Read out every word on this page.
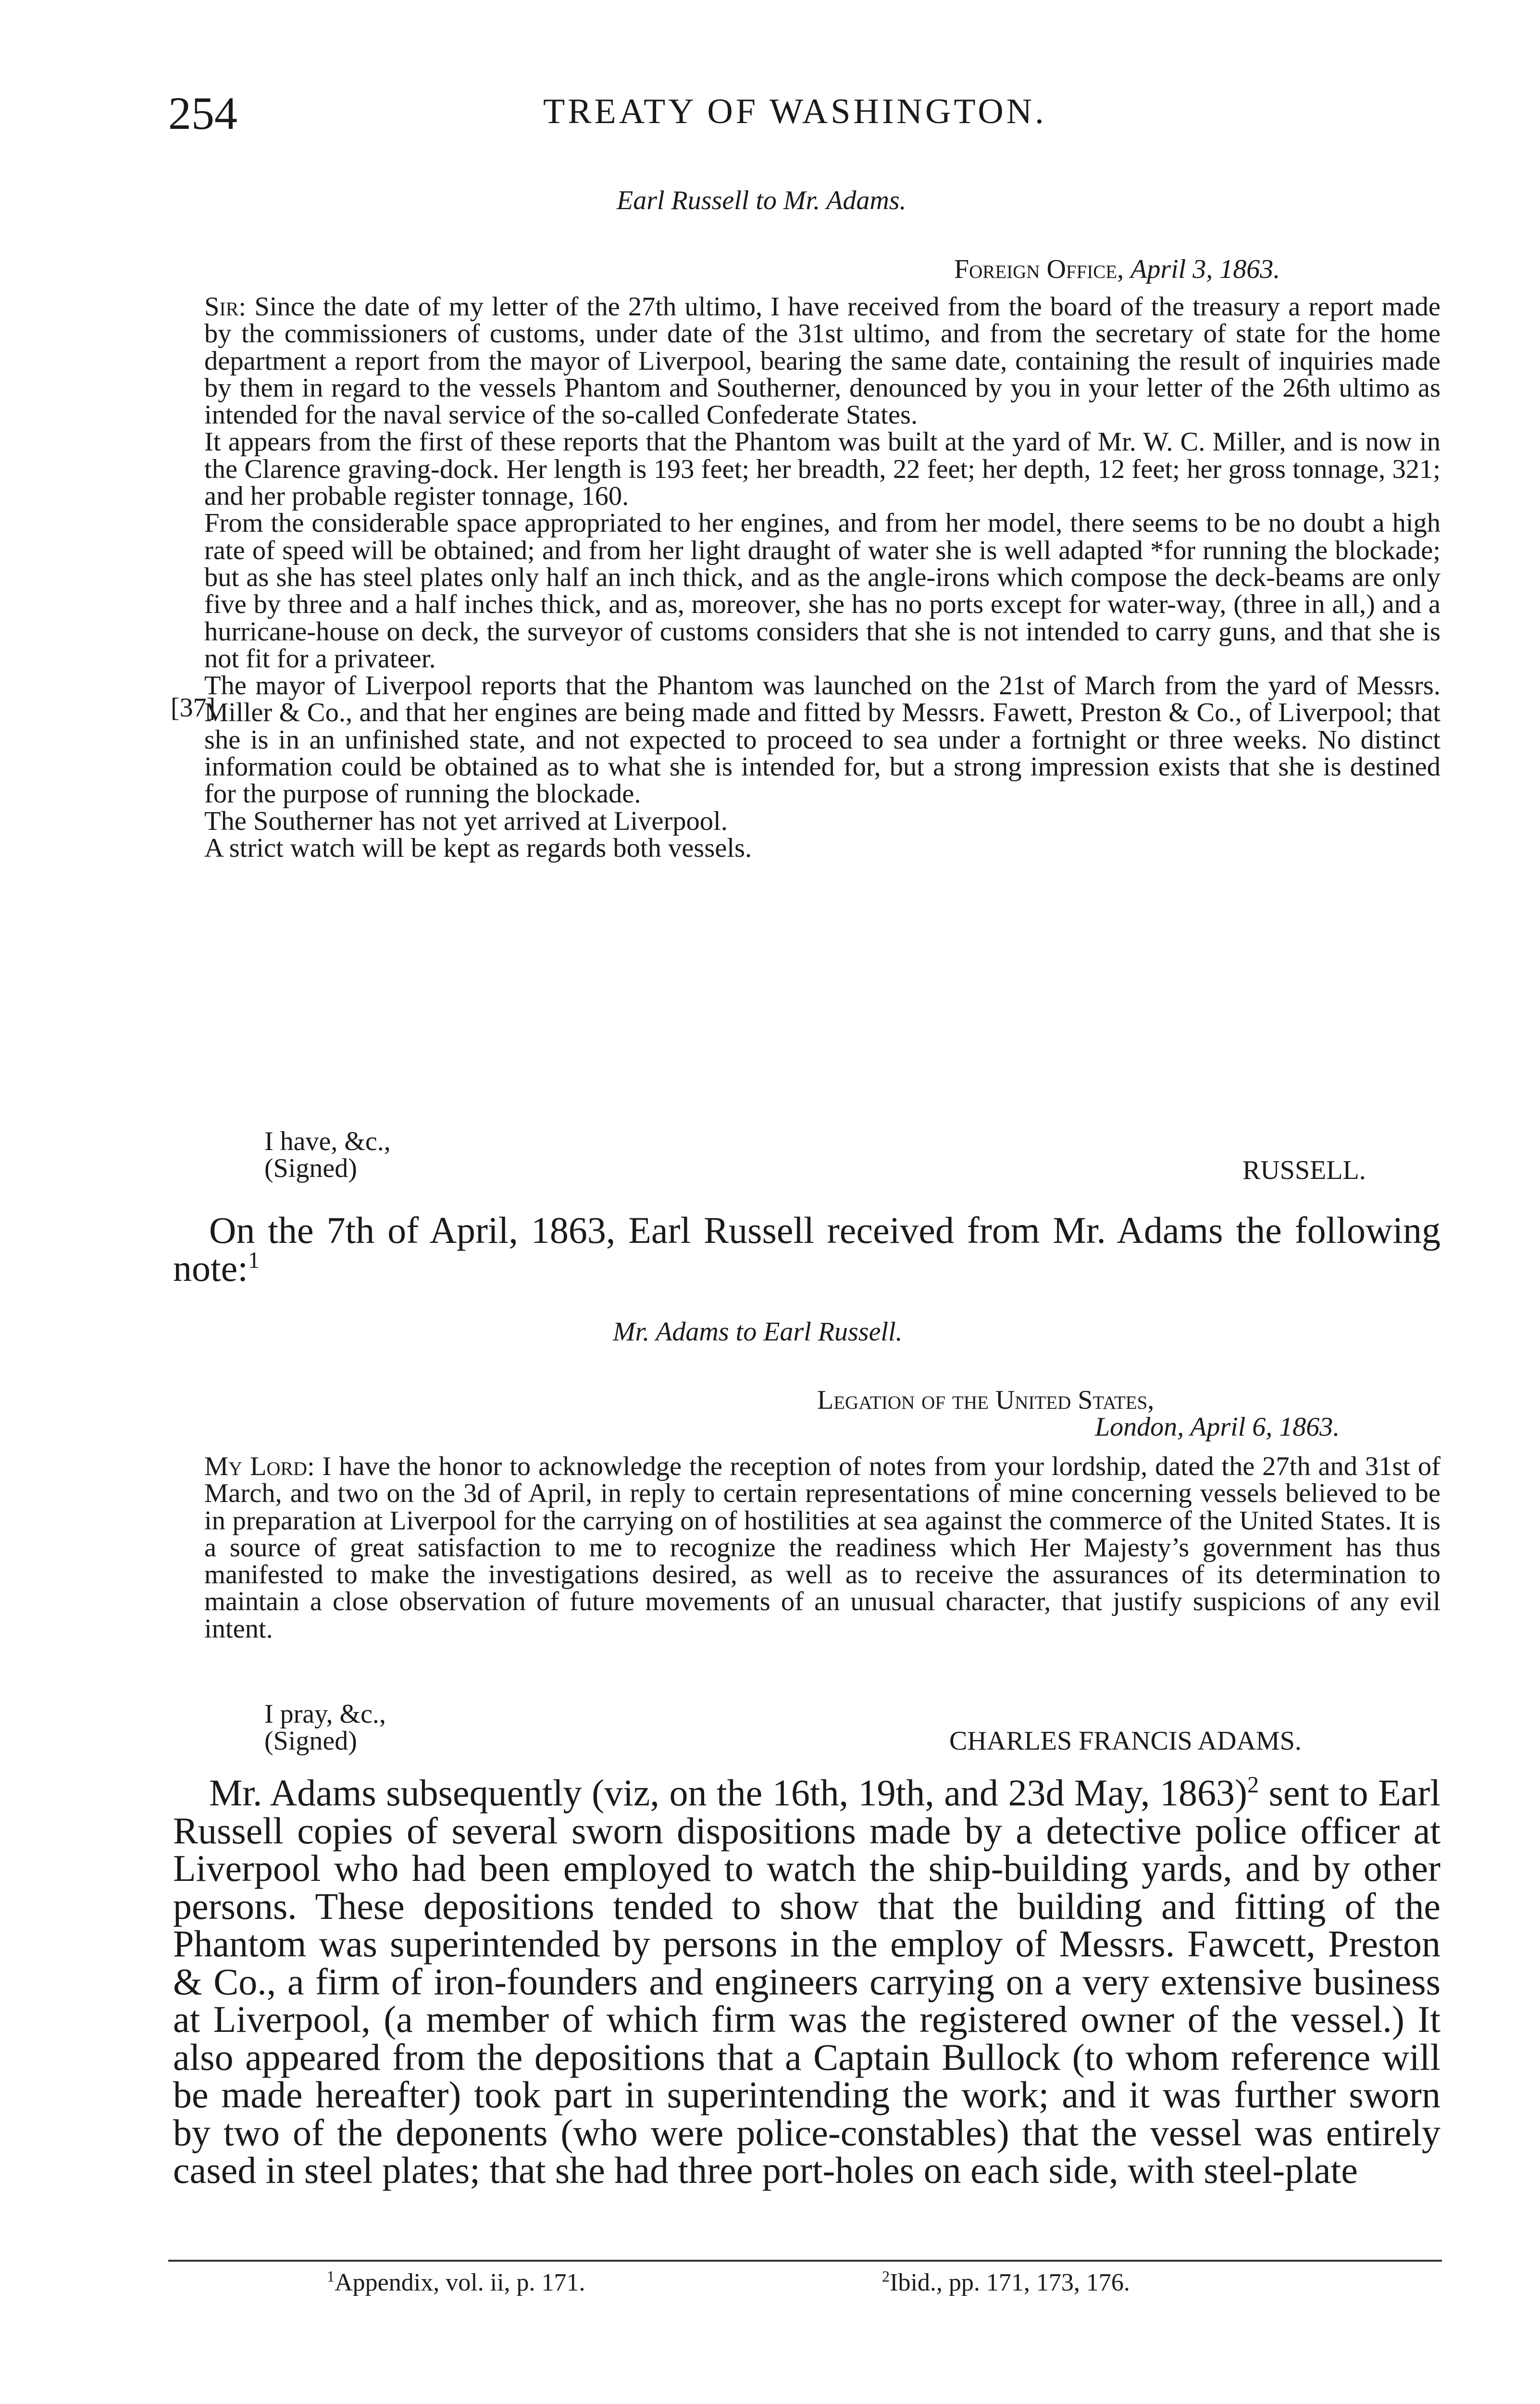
254	TREATY OF WASHINGTON.
Earl Russell to Mr. Adams.
Foreign Office, April 3, 1863.

Sir: Since the date of my letter of the 27th ultimo, I have received from the board of the treasury a report made by the commissioners of customs, under date of the 31st ultimo, and from the secretary of state for the home department a report from the mayor of Liverpool, bearing the same date, containing the result of inquiries made by them in regard to the vessels Phantom and Southerner, denounced by you in your letter of the 26th ultimo as intended for the naval service of the so-called Confederate States.

It appears from the first of these reports that the Phantom was built at the yard of Mr. W. C. Miller, and is now in the Clarence graving-dock. Her length is 193 feet; her breadth, 22 feet; her depth, 12 feet; her gross tonnage, 321; and her probable register tonnage, 160.

From the considerable space appropriated to her engines, and from her model, there seems to be no doubt a high rate of speed will be obtained; and from her light draught of water she is well adapted *for running the blockade; but as she has steel plates only half an inch thick, and as the angle-irons which compose the deck-beams are only five by three and a half inches thick, and as, moreover, she has no ports except for water-way, (three in all,) and a hurricane-house on deck, the surveyor of customs considers that she is not intended to carry guns, and that she is not fit for a privateer.

The mayor of Liverpool reports that the Phantom was launched on the 21st of March from the yard of Messrs. Miller & Co., and that her engines are being made and fitted by Messrs. Fawett, Preston & Co., of Liverpool; that she is in an unfinished state, and not expected to proceed to sea under a fortnight or three weeks. No distinct information could be obtained as to what she is intended for, but a strong impression exists that she is destined for the purpose of running the blockade.

The Southerner has not yet arrived at Liverpool.

A strict watch will be kept as regards both vessels.

[37]
I have, &c.,
(Signed)	RUSSELL.
On the 7th of April, 1863, Earl Russell received from Mr. Adams the following note:$^1$
Mr. Adams to Earl Russell.
Legation of the United States,
London, April 6, 1863.

My Lord: I have the honor to acknowledge the reception of notes from your lordship, dated the 27th and 31st of March, and two on the 3d of April, in reply to certain representations of mine concerning vessels believed to be in preparation at Liverpool for the carrying on of hostilities at sea against the commerce of the United States. It is a source of great satisfaction to me to recognize the readiness which Her Majesty’s government has thus manifested to make the investigations desired, as well as to receive the assurances of its determination to maintain a close observation of future movements of an unusual character, that justify suspicions of any evil intent.

I pray, &c.,
(Signed)	CHARLES FRANCIS ADAMS.
Mr. Adams subsequently (viz, on the 16th, 19th, and 23d May, 1863)$^2$ sent to Earl Russell copies of several sworn dispositions made by a detective police officer at Liverpool who had been employed to watch the ship-building yards, and by other persons. These depositions tended to show that the building and fitting of the Phantom was superintended by persons in the employ of Messrs. Fawcett, Preston & Co., a firm of iron-founders and engineers carrying on a very extensive business at Liverpool, (a member of which firm was the registered owner of the vessel.) It also appeared from the depositions that a Captain Bullock (to whom reference will be made hereafter) took part in superintending the work; and it was further sworn by two of the deponents (who were police-constables) that the vessel was entirely cased in steel plates; that she had three port-holes on each side, with steel-plate
$^1$Appendix, vol. ii, p. 171.	$^2$Ibid., pp. 171, 173, 176.
